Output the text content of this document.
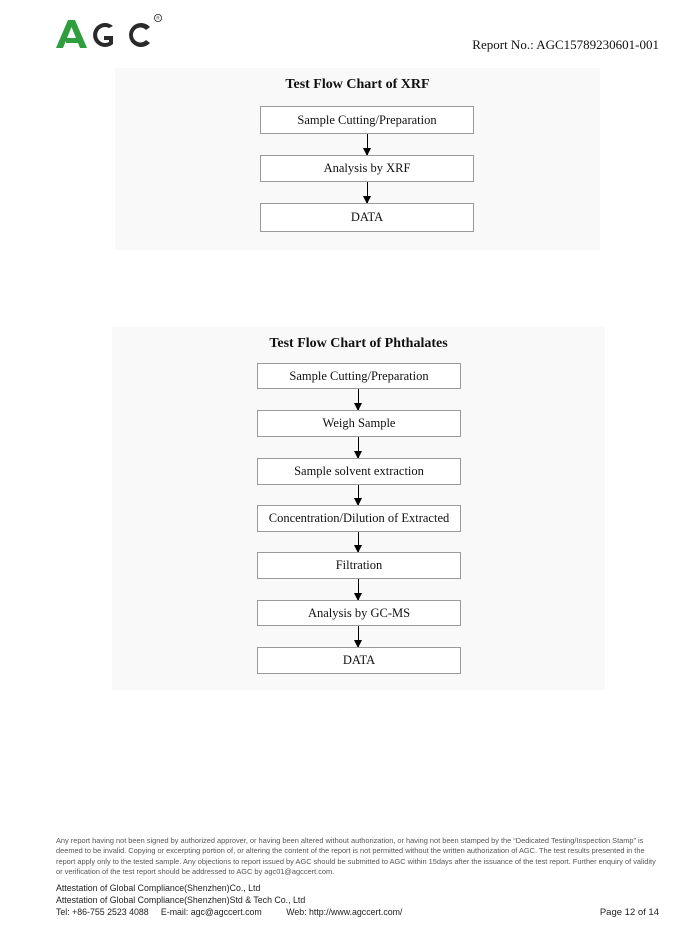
R
Report No.: AGC15789230601-001
Test Flow Chart of XRF
Sample Cutting/Preparation
Analysis by XRF
DATA
Test Flow Chart of Phthalates
Sample Cutting/Preparation
Weigh Sample
Sample solvent extraction
Concentration/Dilution of Extracted
Filtration
Analysis by GC-MS
DATA
Any report having not been signed by authorized approver, or having been altered without authorization, or having not been stamped by the “Dedicated Testing/Inspection Stamp” is deemed to be invalid. Copying or excerpting portion of, or altering the content of the report is not permitted without the written authorization of AGC. The test results presented in the report apply only to the tested sample. Any objections to report issued by AGC should be submitted to AGC within 15days after the issuance of the test report. Further enquiry of validity or verification of the test report should be addressed to AGC by agc01@agccert.com.
Attestation of Global Compliance(Shenzhen)Co., Ltd
Attestation of Global Compliance(Shenzhen)Std & Tech Co., Ltd
Tel: +86-755 2523 4088     E-mail: agc@agccert.com          Web: http://www.agccert.com/	Page 12 of 14
